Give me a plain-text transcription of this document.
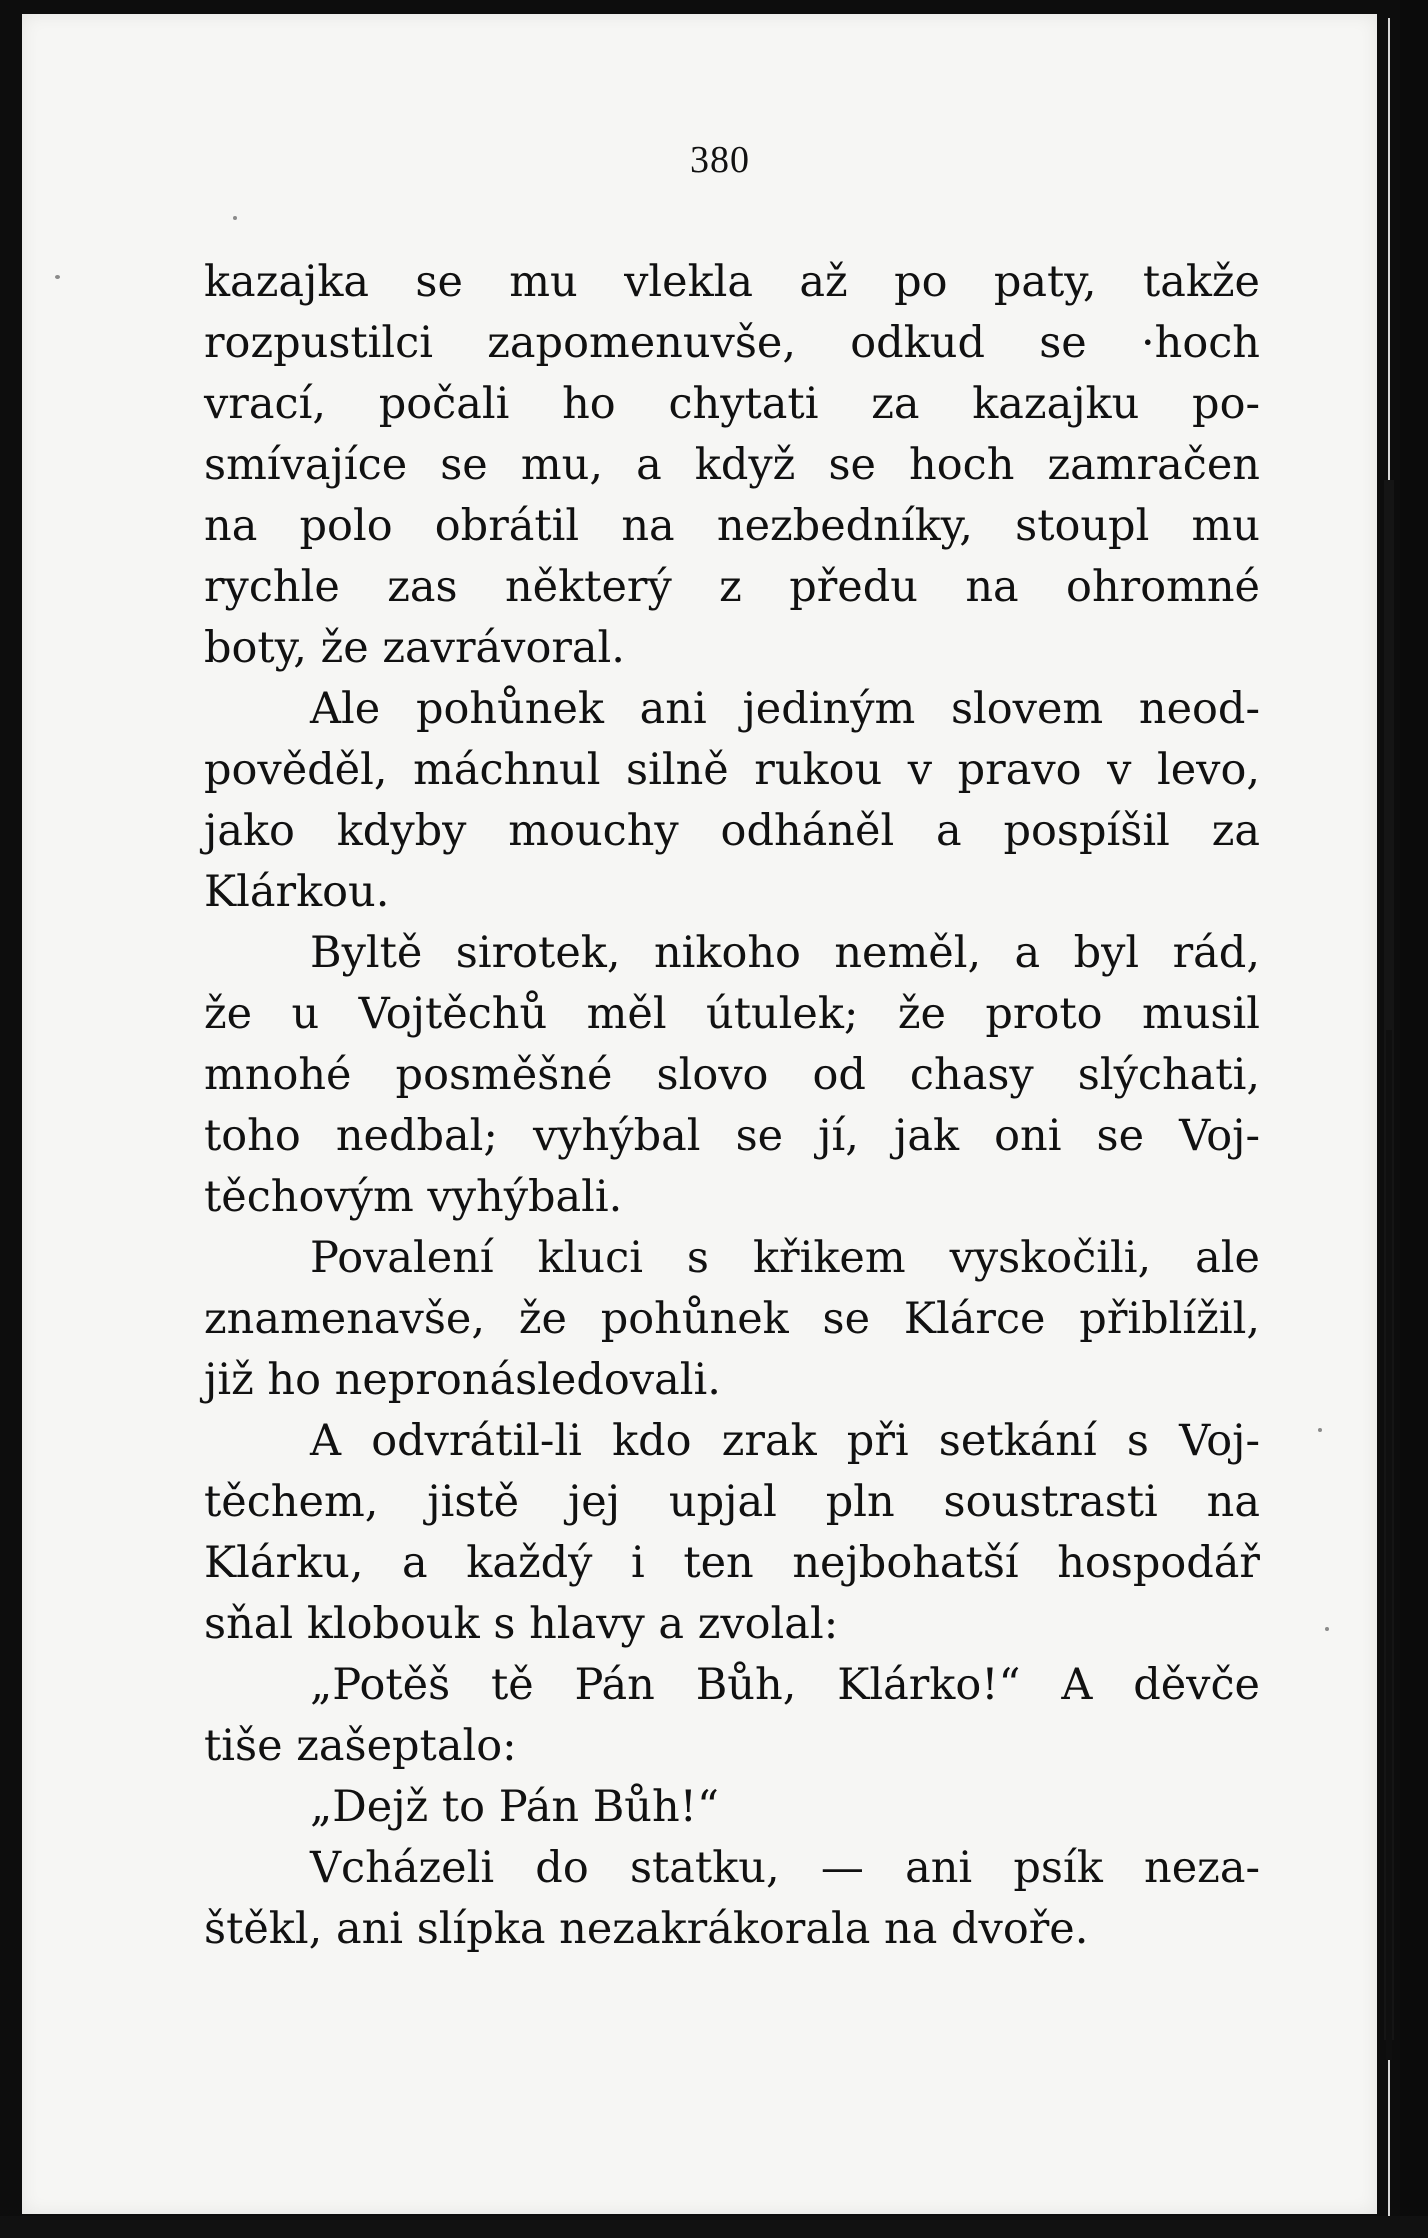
380
kazajka se mu vlekla až po paty, takže
rozpustilci zapomenuvše, odkud se ·hoch
vrací, počali ho chytati za kazajku po-
smívajíce se mu, a když se hoch zamračen
na polo obrátil na nezbedníky, stoupl mu
rychle zas některý z předu na ohromné
boty, že zavrávoral.
Ale pohůnek ani jediným slovem neod-
pověděl, máchnul silně rukou v pravo v levo,
jako kdyby mouchy odháněl a pospíšil za
Klárkou.
Byltě sirotek, nikoho neměl, a byl rád,
že u Vojtěchů měl útulek; že proto musil
mnohé posměšné slovo od chasy slýchati,
toho nedbal; vyhýbal se jí, jak oni se Voj-
těchovým vyhýbali.
Povalení kluci s křikem vyskočili, ale
znamenavše, že pohůnek se Klárce přiblížil,
již ho nepronásledovali.
A odvrátil-li kdo zrak při setkání s Voj-
těchem, jistě jej upjal pln soustrasti na
Klárku, a každý i ten nejbohatší hospodář
sňal klobouk s hlavy a zvolal:
„Potěš tě Pán Bůh, Klárko!“ A děvče
tiše zašeptalo:
„Dejž to Pán Bůh!“
Vcházeli do statku, — ani psík neza-
štěkl, ani slípka nezakrákorala na dvoře.
